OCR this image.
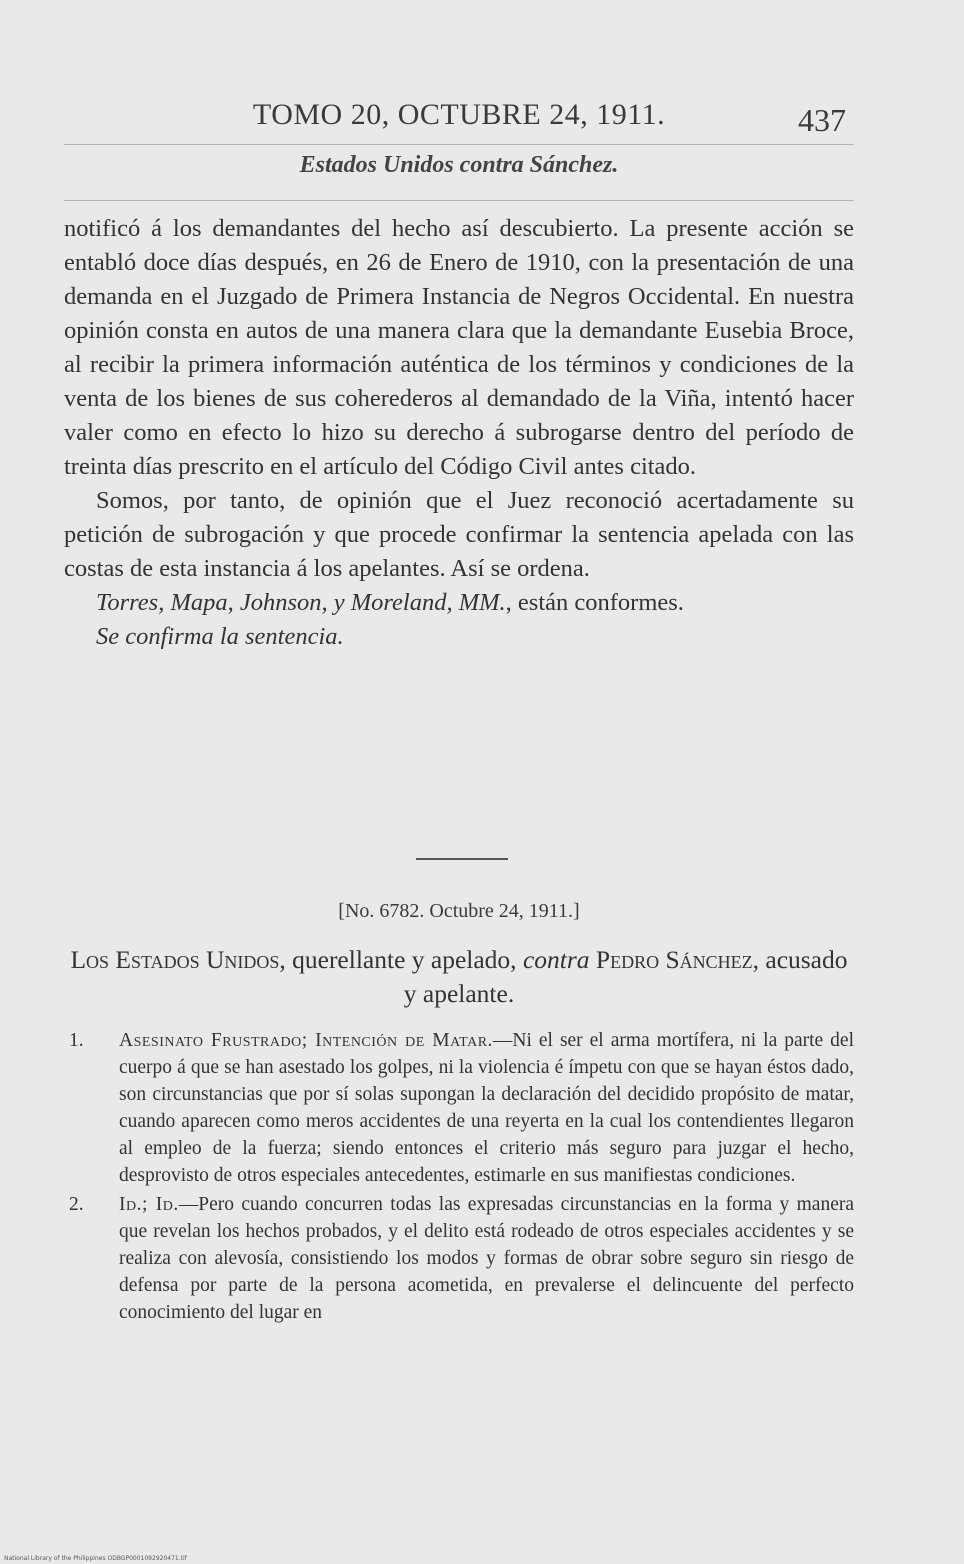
TOMO 20, OCTUBRE 24, 1911.	437
Estados Unidos contra Sánchez.

notificó á los demandantes del hecho así descubierto. La presente acción se entabló doce días después, en 26 de Enero de 1910, con la presentación de una demanda en el Juzgado de Primera Instancia de Negros Occidental. En nuestra opinión consta en autos de una manera clara que la demandante Eusebia Broce, al recibir la primera información auténtica de los términos y condiciones de la venta de los bienes de sus coherederos al demandado de la Viña, intentó hacer valer como en efecto lo hizo su derecho á subrogarse dentro del período de treinta días prescrito en el artículo del Código Civil antes citado.

Somos, por tanto, de opinión que el Juez reconoció acertadamente su petición de subrogación y que procede confirmar la sentencia apelada con las costas de esta instancia á los apelantes. Así se ordena.

Torres, Mapa, Johnson, y Moreland, MM., están conformes.

Se confirma la sentencia.

[No. 6782. Octubre 24, 1911.]
Los Estados Unidos, querellante y apelado, contra Pedro Sánchez, acusado y apelante.
1. Asesinato Frustrado; Intención de Matar.—Ni el ser el arma mortífera, ni la parte del cuerpo á que se han asestado los golpes, ni la violencia é ímpetu con que se hayan éstos dado, son circunstancias que por sí solas supongan la declaración del decidido propósito de matar, cuando aparecen como meros accidentes de una reyerta en la cual los contendientes llegaron al empleo de la fuerza; siendo entonces el criterio más seguro para juzgar el hecho, desprovisto de otros especiales antecedentes, estimarle en sus manifiestas condiciones.
2. Id.; Id.—Pero cuando concurren todas las expresadas circunstancias en la forma y manera que revelan los hechos probados, y el delito está rodeado de otros especiales accidentes y se realiza con alevosía, consistiendo los modos y formas de obrar sobre seguro sin riesgo de defensa por parte de la persona acometida, en prevalerse el delincuente del perfecto conocimiento del lugar en
National Library of the Philippines ODBGP0001092920471.tif
